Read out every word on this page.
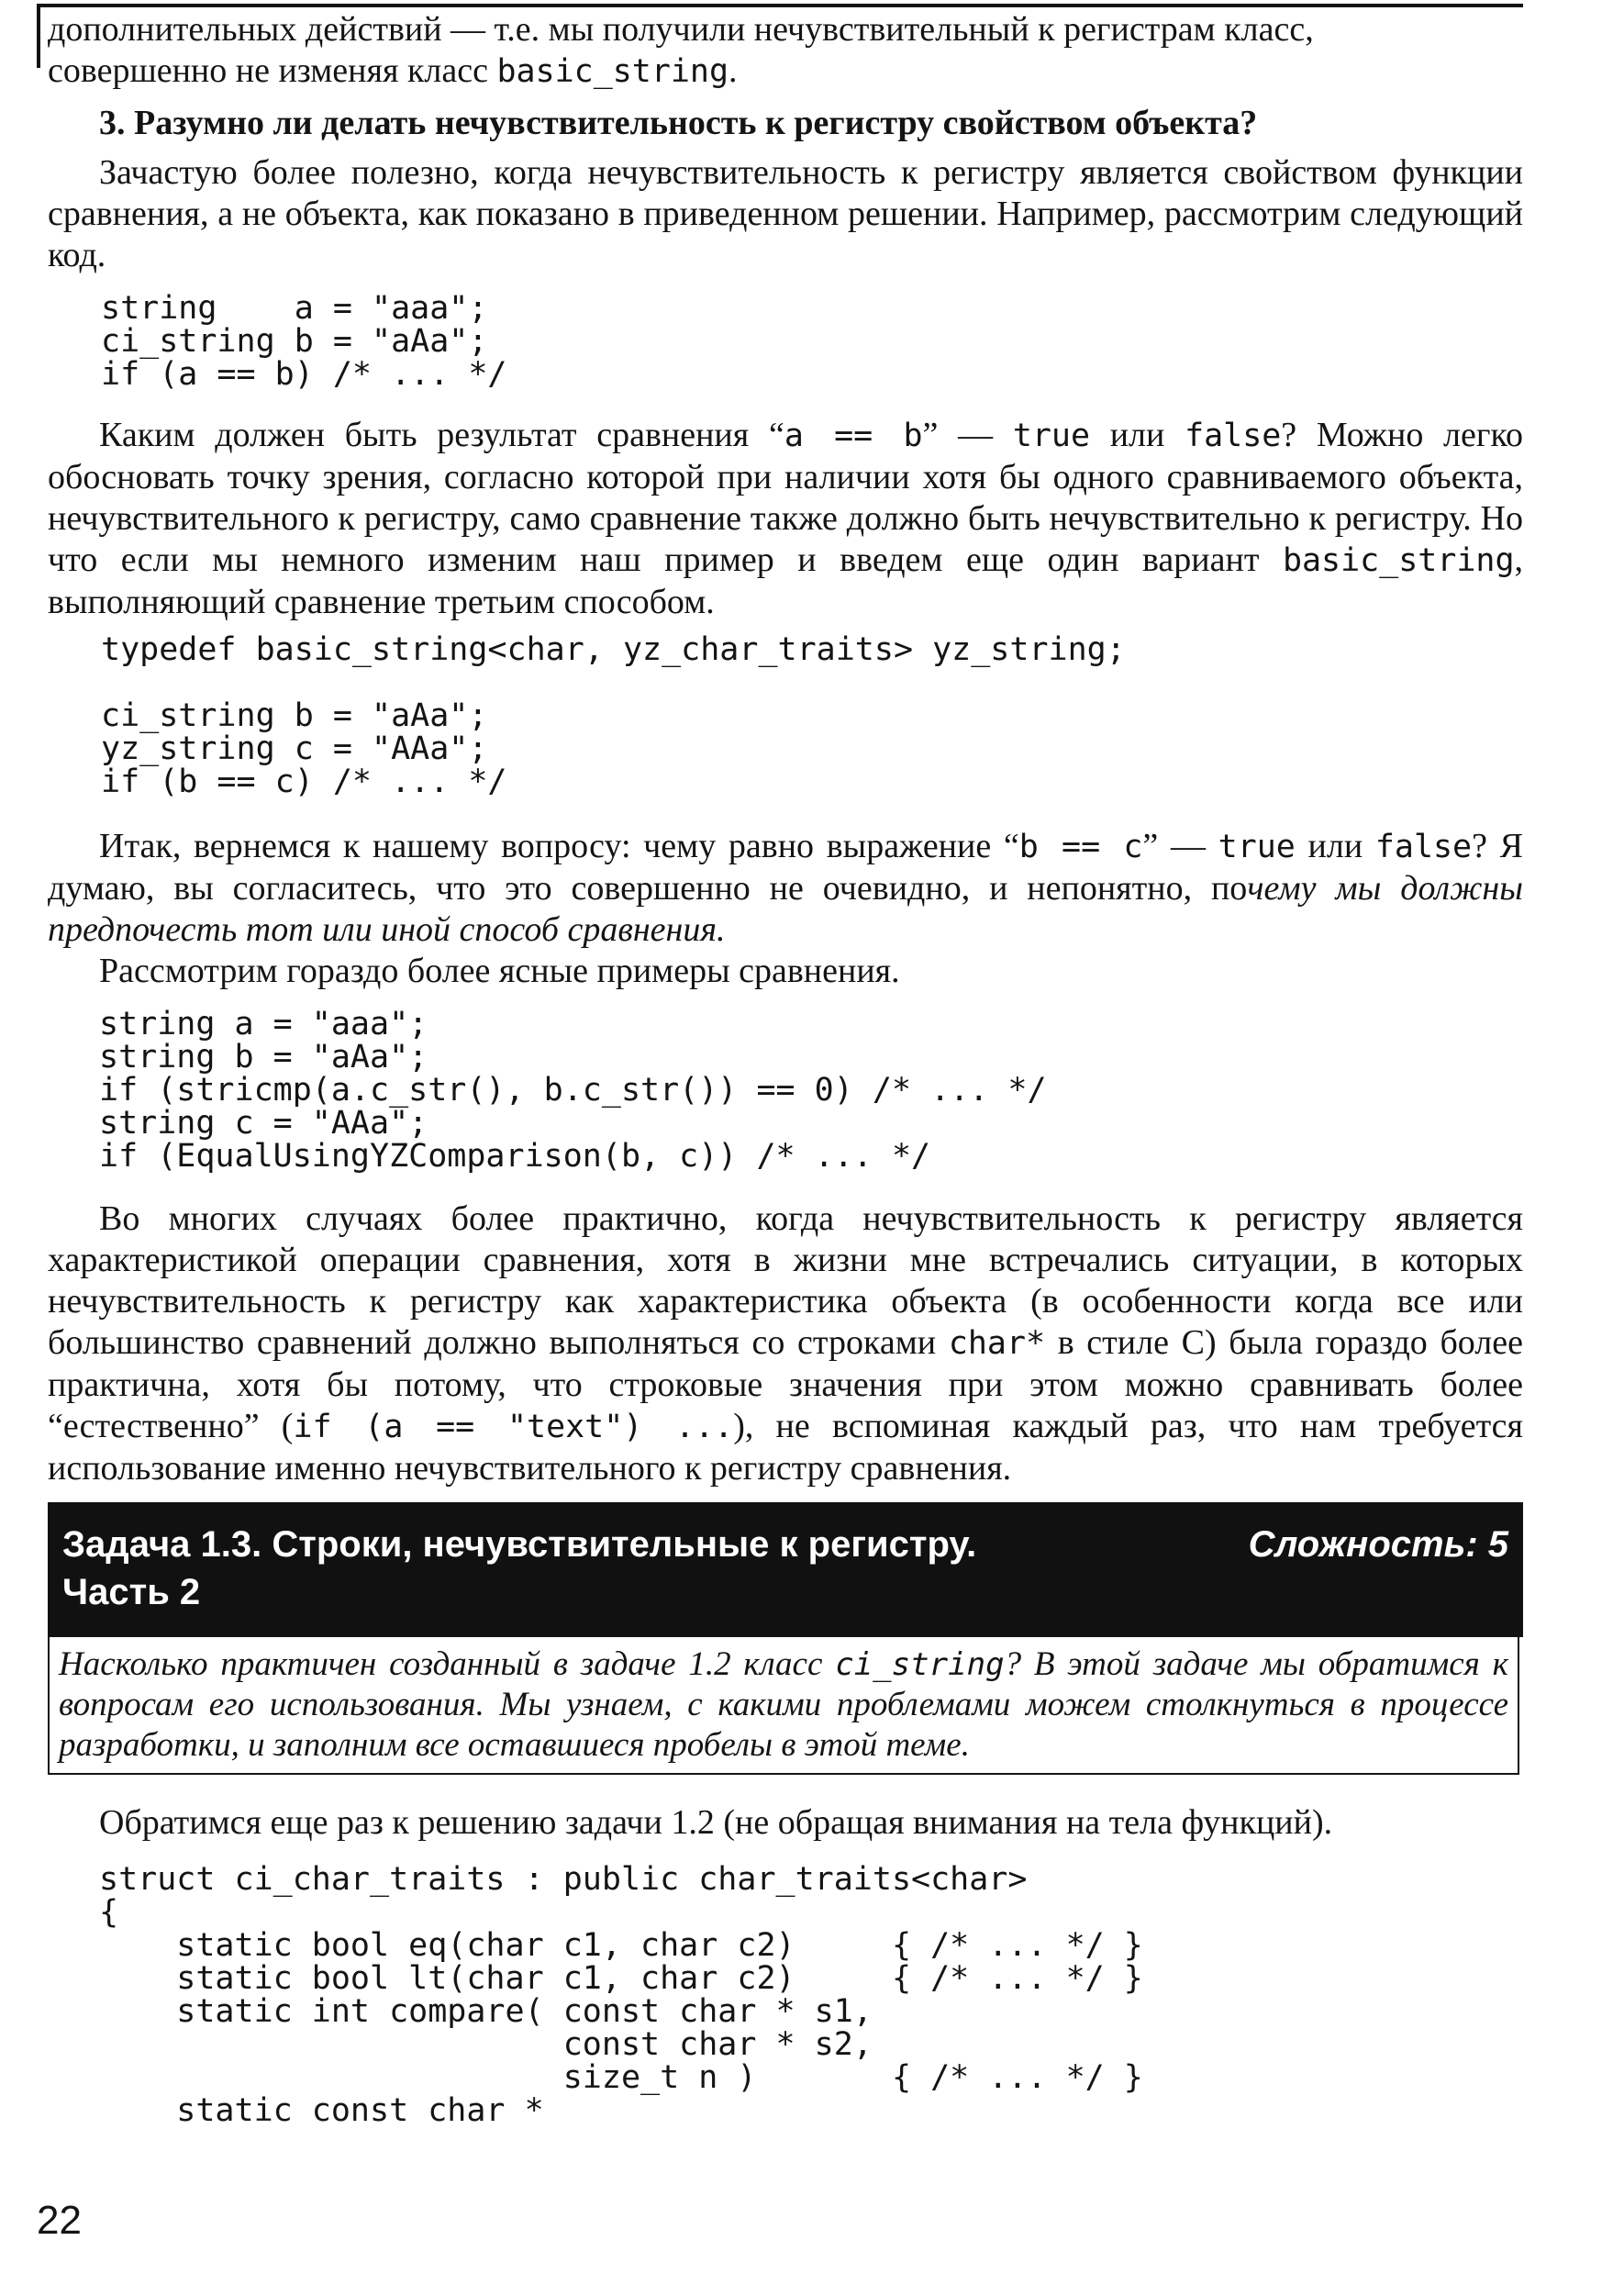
дополнительных действий — т.е. мы получили нечувствительный к регистрам класс,

совершенно не изменяя класс basic_string.

3. Разумно ли делать нечувствительность к регистру свойством объекта?

Зачастую более полезно, когда нечувствительность к регистру является свойством функции сравнения, а не объекта, как показано в приведенном решении. Например, рассмотрим следующий код.

string    a = "aaa";
ci_string b = "aAa";
if (a == b) /* ... */

Каким должен быть результат сравнения “a == b” — true или false? Можно легко обосновать точку зрения, согласно которой при наличии хотя бы одного сравниваемого объекта, нечувствительного к регистру, само сравнение также должно быть нечувствительно к регистру. Но что если мы немного изменим наш пример и введем еще один вариант basic_string, выполняющий сравнение третьим способом.

typedef basic_string<char, yz_char_traits> yz_string;

ci_string b = "aAa";
yz_string c = "AAa";
if (b == c) /* ... */

Итак, вернемся к нашему вопросу: чему равно выражение “b == c” — true или false? Я думаю, вы согласитесь, что это совершенно не очевидно, и непонятно, почему мы должны предпочесть тот или иной способ сравнения.

Рассмотрим гораздо более ясные примеры сравнения.

string a = "aaa";
string b = "aAa";
if (stricmp(a.c_str(), b.c_str()) == 0) /* ... */
string c = "AAa";
if (EqualUsingYZComparison(b, c)) /* ... */

Во многих случаях более практично, когда нечувствительность к регистру является характеристикой операции сравнения, хотя в жизни мне встречались ситуации, в которых нечувствительность к регистру как характеристика объекта (в особенности когда все или большинство сравнений должно выполняться со строками char* в стиле C) была гораздо более практична, хотя бы потому, что строковые значения при этом можно сравнивать более “естественно” (if (a == "text") ...), не вспоминая каждый раз, что нам требуется использование именно нечувствительного к регистру сравнения.

Задача 1.3. Строки, нечувствительные к регистру.
Часть 2
Сложность: 5
Насколько практичен созданный в задаче 1.2 класс ci_string? В этой задаче мы обратимся к вопросам его использования. Мы узнаем, с какими проблемами можем столкнуться в процессе разработки, и заполним все оставшиеся пробелы в этой теме.

Обратимся еще раз к решению задачи 1.2 (не обращая внимания на тела функций).

struct ci_char_traits : public char_traits<char>
{
static bool eq(char c1, char c2)     { /* ... */ }
static bool lt(char c1, char c2)     { /* ... */ }
static int compare( const char * s1,
const char * s2,
size_t n )       { /* ... */ }
static const char *
22
